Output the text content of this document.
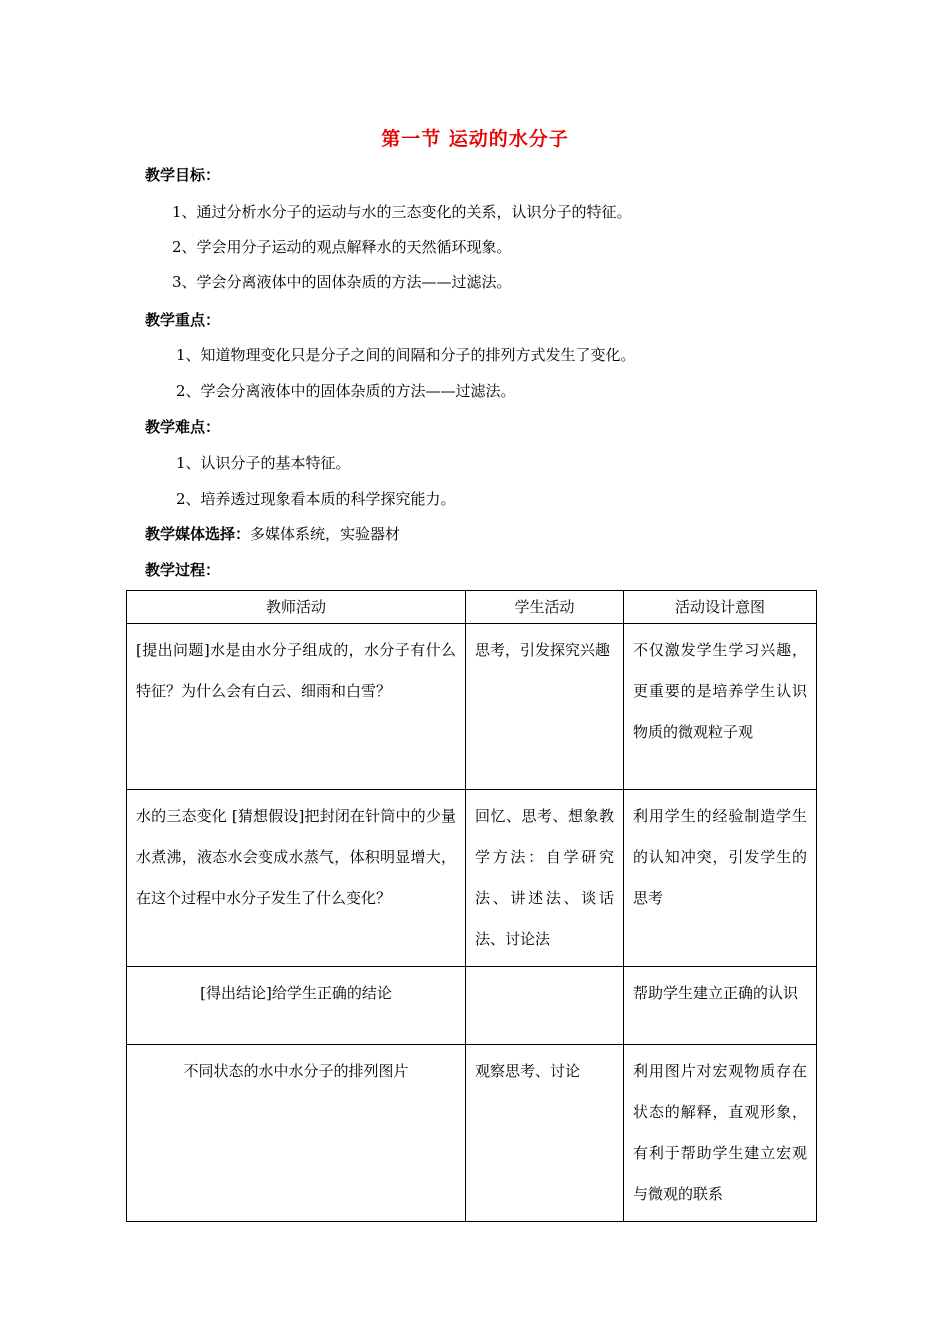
第一节 运动的水分子
教学目标：
1、通过分析水分子的运动与水的三态变化的关系，认识分子的特征。
2、学会用分子运动的观点解释水的天然循环现象。
3、学会分离液体中的固体杂质的方法——过滤法。
教学重点：
1、知道物理变化只是分子之间的间隔和分子的排列方式发生了变化。
2、学会分离液体中的固体杂质的方法——过滤法。
教学难点：
1、认识分子的基本特征。
2、培养透过现象看本质的科学探究能力。
教学媒体选择：多媒体系统，实验器材
教学过程：
教师活动	学生活动	活动设计意图
[提出问题]水是由水分子组成的，水分子有什么特征？为什么会有白云、细雨和白雪？	思考，引发探究兴趣	不仅激发学生学习兴趣，更重要的是培养学生认识物质的微观粒子观
水的三态变化 [猜想假设]把封闭在针筒中的少量水煮沸，液态水会变成水蒸气，体积明显增大，在这个过程中水分子发生了什么变化？	回忆、思考、想象教学方法：自学研究法、讲述法、谈话法、讨论法	利用学生的经验制造学生的认知冲突，引发学生的思考
[得出结论]给学生正确的结论		帮助学生建立正确的认识
不同状态的水中水分子的排列图片	观察思考、讨论	利用图片对宏观物质存在状态的解释，直观形象，有利于帮助学生建立宏观与微观的联系
